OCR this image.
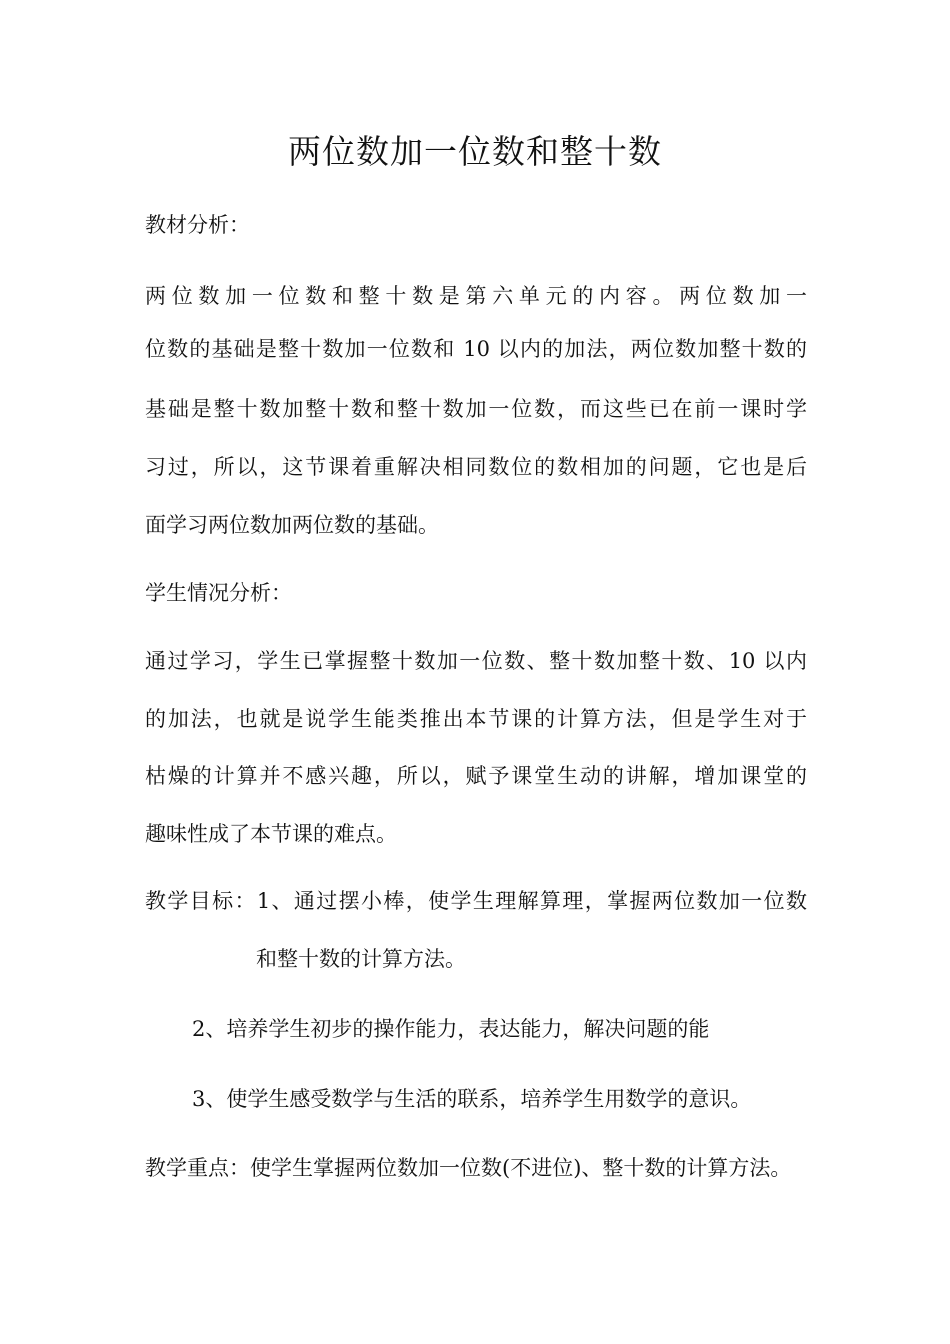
两位数加一位数和整十数
教材分析：
两位数加一位数和整十数是第六单元的内容。两位数加一
位数的基础是整十数加一位数和 10 以内的加法，两位数加整十数的
基础是整十数加整十数和整十数加一位数，而这些已在前一课时学
习过，所以，这节课着重解决相同数位的数相加的问题，它也是后
面学习两位数加两位数的基础。
学生情况分析：
通过学习，学生已掌握整十数加一位数、整十数加整十数、10 以内
的加法，也就是说学生能类推出本节课的计算方法，但是学生对于
枯燥的计算并不感兴趣，所以，赋予课堂生动的讲解，增加课堂的
趣味性成了本节课的难点。
教学目标：1、通过摆小棒，使学生理解算理，掌握两位数加一位数
和整十数的计算方法。
2、培养学生初步的操作能力，表达能力，解决问题的能
3、使学生感受数学与生活的联系，培养学生用数学的意识。
教学重点：使学生掌握两位数加一位数(不进位)、整十数的计算方法。
